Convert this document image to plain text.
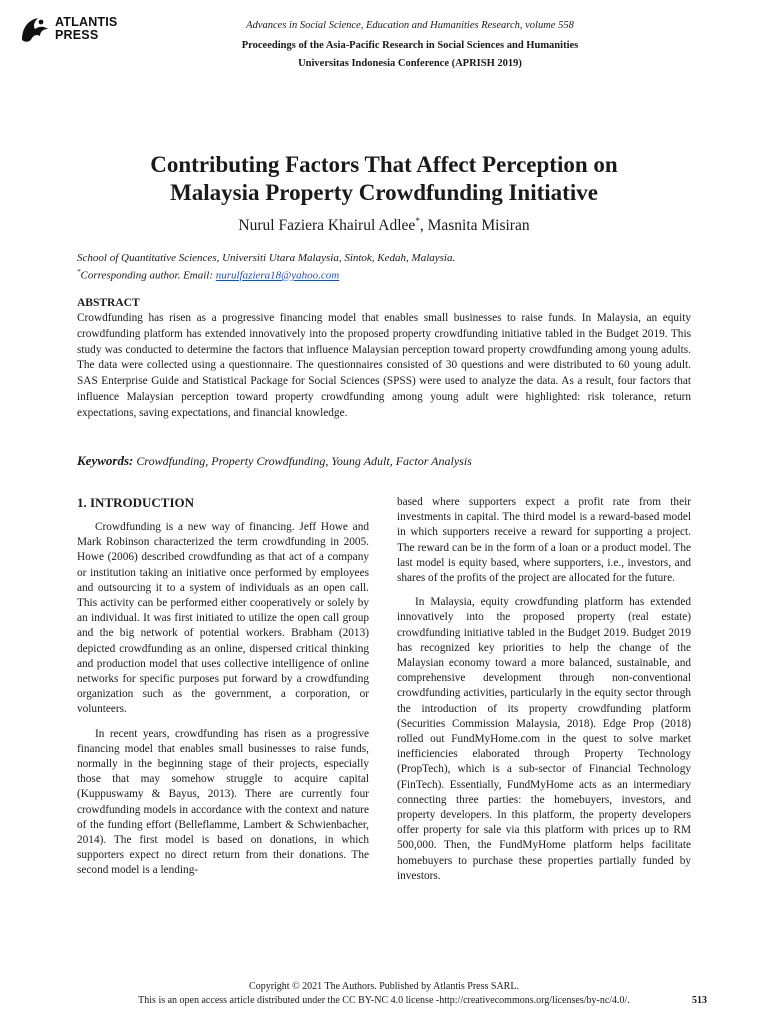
ATLANTIS
PRESS
Advances in Social Science, Education and Humanities Research, volume 558
Proceedings of the Asia-Pacific Research in Social Sciences and Humanities
Universitas Indonesia Conference (APRISH 2019)
Contributing Factors That Affect Perception on
Malaysia Property Crowdfunding Initiative
Nurul Faziera Khairul Adlee*, Masnita Misiran
School of Quantitative Sciences, Universiti Utara Malaysia, Sintok, Kedah, Malaysia.
*Corresponding author. Email: nurulfaziera18@yahoo.com
ABSTRACT

Crowdfunding has risen as a progressive financing model that enables small businesses to raise funds. In Malaysia, an equity crowdfunding platform has extended innovatively into the proposed property crowdfunding initiative tabled in the Budget 2019. This study was conducted to determine the factors that influence Malaysian perception toward property crowdfunding among young adults. The data were collected using a questionnaire. The questionnaires consisted of 30 questions and were distributed to 60 young adult. SAS Enterprise Guide and Statistical Package for Social Sciences (SPSS) were used to analyze the data. As a result, four factors that influence Malaysian perception toward property crowdfunding among young adult were highlighted: risk tolerance, return expectations, saving expectations, and financial knowledge.

Keywords: Crowdfunding, Property Crowdfunding, Young Adult, Factor Analysis
1. INTRODUCTION

Crowdfunding is a new way of financing. Jeff Howe and Mark Robinson characterized the term crowdfunding in 2005. Howe (2006) described crowdfunding as that act of a company or institution taking an initiative once performed by employees and outsourcing it to a system of individuals as an open call. This activity can be performed either cooperatively or solely by an individual. It was first initiated to utilize the open call group and the big network of potential workers. Brabham (2013) depicted crowdfunding as an online, dispersed critical thinking and production model that uses collective intelligence of online networks for specific purposes put forward by a crowdfunding organization such as the government, a corporation, or volunteers.

In recent years, crowdfunding has risen as a progressive financing model that enables small businesses to raise funds, normally in the beginning stage of their projects, especially those that may somehow struggle to acquire capital (Kuppuswamy & Bayus, 2013). There are currently four crowdfunding models in accordance with the context and nature of the funding effort (Belleflamme, Lambert & Schwienbacher, 2014). The first model is based on donations, in which supporters expect no direct return from their donations. The second model is a lending-

based where supporters expect a profit rate from their investments in capital. The third model is a reward-based model in which supporters receive a reward for supporting a project. The reward can be in the form of a loan or a product model. The last model is equity based, where supporters, i.e., investors, and shares of the profits of the project are allocated for the future.

In Malaysia, equity crowdfunding platform has extended innovatively into the proposed property (real estate) crowdfunding initiative tabled in the Budget 2019. Budget 2019 has recognized key priorities to help the change of the Malaysian economy toward a more balanced, sustainable, and comprehensive development through non-conventional crowdfunding activities, particularly in the equity sector through the introduction of its property crowdfunding platform (Securities Commission Malaysia, 2018). Edge Prop (2018) rolled out FundMyHome.com in the quest to solve market inefficiencies elaborated through Property Technology (PropTech), which is a sub-sector of Financial Technology (FinTech). Essentially, FundMyHome acts as an intermediary connecting three parties: the homebuyers, investors, and property developers. In this platform, the property developers offer property for sale via this platform with prices up to RM 500,000. Then, the FundMyHome platform helps facilitate homebuyers to purchase these properties partially funded by investors.

Copyright © 2021 The Authors. Published by Atlantis Press SARL.
This is an open access article distributed under the CC BY-NC 4.0 license -http://creativecommons.org/licenses/by-nc/4.0/.	513
